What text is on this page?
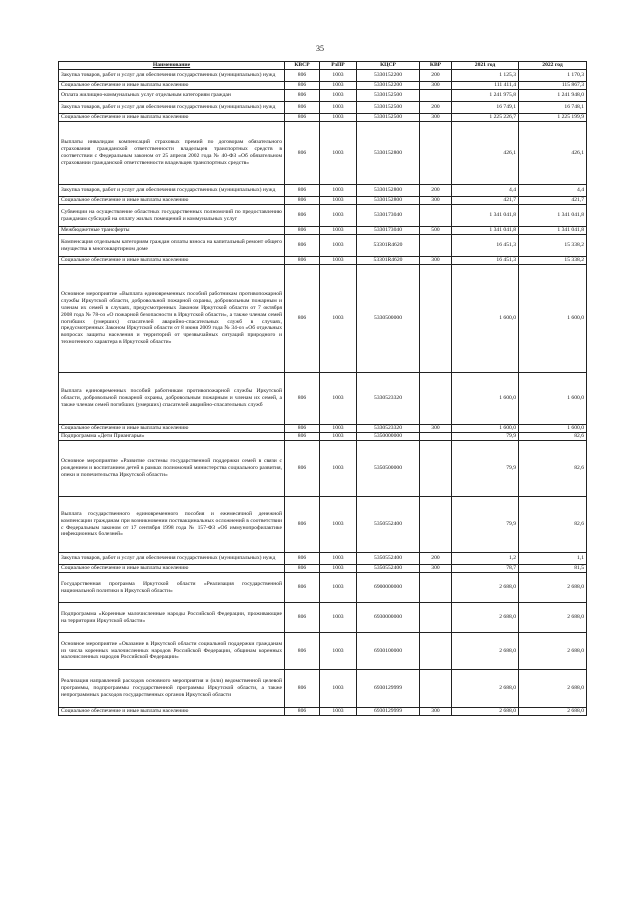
35
Наименование	КВСР	РзПР	КЦСР	КВР	2021 год	2022 год
Закупка товаров, работ и услуг для обеспечения государственных (муниципальных) нужд	806	1003	5330152200	200	1 125,3	1 170,3
Социальное обеспечение и иные выплаты населению	806	1003	5330152200	300	111 411,4	115 867,3
Оплата жилищно-коммунальных услуг отдельным категориям граждан	806	1003	5330152500		1 241 975,8	1 241 948,0
Закупка товаров, работ и услуг для обеспечения государственных (муниципальных) нужд	806	1003	5330152500	200	16 749,1	16 748,1
Социальное обеспечение и иные выплаты населению	806	1003	5330152500	300	1 225 226,7	1 225 199,9
Выплаты инвалидам компенсаций страховых премий по договорам обязательного страхования гражданской ответственности владельцев транспортных средств в соответствии с Федеральным законом от 25 апреля 2002 года № 40-ФЗ «Об обязательном страховании гражданской ответственности владельцев транспортных средств»	806	1003	5330152800		426,1	426,1
Закупка товаров, работ и услуг для обеспечения государственных (муниципальных) нужд	806	1003	5330152800	200	4,4	4,4
Социальное обеспечение и иные выплаты населению	806	1003	5330152800	300	421,7	421,7
Субвенции на осуществление областных государственных полномочий по предоставлению гражданам субсидий на оплату жилых помещений и коммунальных услуг	806	1003	5330173040		1 341 041,8	1 341 041,8
Межбюджетные трансферты	806	1003	5330173040	500	1 341 041,8	1 341 041,8
Компенсация отдельным категориям граждан оплаты взноса на капитальный ремонт общего имущества в многоквартирном доме	806	1003	53301R4620		16 451,3	15 338,2
Социальное обеспечение и иные выплаты населению	806	1003	53301R4620	300	16 451,3	15 338,2
Основное мероприятие «Выплата единовременных пособий работникам противопожарной службы Иркутской области, добровольной пожарной охраны, добровольным пожарным и членам их семей в случаях, предусмотренных Законом Иркутской области от 7 октября 2008 года № 78-оз «О пожарной безопасности в Иркутской области», а также членам семей погибших (умерших) спасателей аварийно-спасательных служб в случаях, предусмотренных Законом Иркутской области от 8 июня 2009 года № 34-оз «Об отдельных вопросах защиты населения и территорий от чрезвычайных ситуаций природного и техногенного характера в Иркутской области»	806	1003	5330500000		1 600,0	1 600,0
Выплата единовременных пособий работникам противопожарной службы Иркутской области, добровольной пожарной охраны, добровольным пожарным и членам их семей, а также членам семей погибших (умерших) спасателей аварийно-спасательных служб	806	1003	5330523320		1 600,0	1 600,0
Социальное обеспечение и иные выплаты населению	806	1003	5330523320	300	1 600,0	1 600,0
Подпрограмма «Дети Приангарья»	806	1003	5350000000		79,9	82,6
Основное мероприятие «Развитие системы государственной поддержки семей в связи с рождением и воспитанием детей в рамках полномочий министерства социального развития, опеки и попечительства Иркутской области»	806	1003	5350500000		79,9	82,6
Выплата государственного единовременного пособия и ежемесячной денежной компенсации гражданам при возникновении поствакцинальных осложнений в соответствии с Федеральным законом от 17 сентября 1998 года № 157-ФЗ «Об иммунопрофилактике инфекционных болезней»	806	1003	5350552400		79,9	82,6
Закупка товаров, работ и услуг для обеспечения государственных (муниципальных) нужд	806	1003	5350552400	200	1,2	1,1
Социальное обеспечение и иные выплаты населению	806	1003	5350552400	300	78,7	81,5
Государственная программа Иркутской области «Реализация государственной национальной политики в Иркутской области»	806	1003	6900000000		2 688,0	2 688,0
Подпрограмма «Коренные малочисленные народы Российской Федерации, проживающие на территории Иркутской области»	806	1003	6930000000		2 688,0	2 688,0
Основное мероприятие «Оказание в Иркутской области социальной поддержки гражданам из числа коренных малочисленных народов Российской Федерации, общинам коренных малочисленных народов Российской Федерации»	806	1003	6930100000		2 688,0	2 688,0
Реализация направлений расходов основного мероприятия и (или) ведомственной целевой программы, подпрограммы государственной программы Иркутской области, а также непрограммных расходов государственных органов Иркутской области	806	1003	6930129999		2 688,0	2 688,0
Социальное обеспечение и иные выплаты населению	806	1003	6930129999	300	2 688,0	2 688,0
